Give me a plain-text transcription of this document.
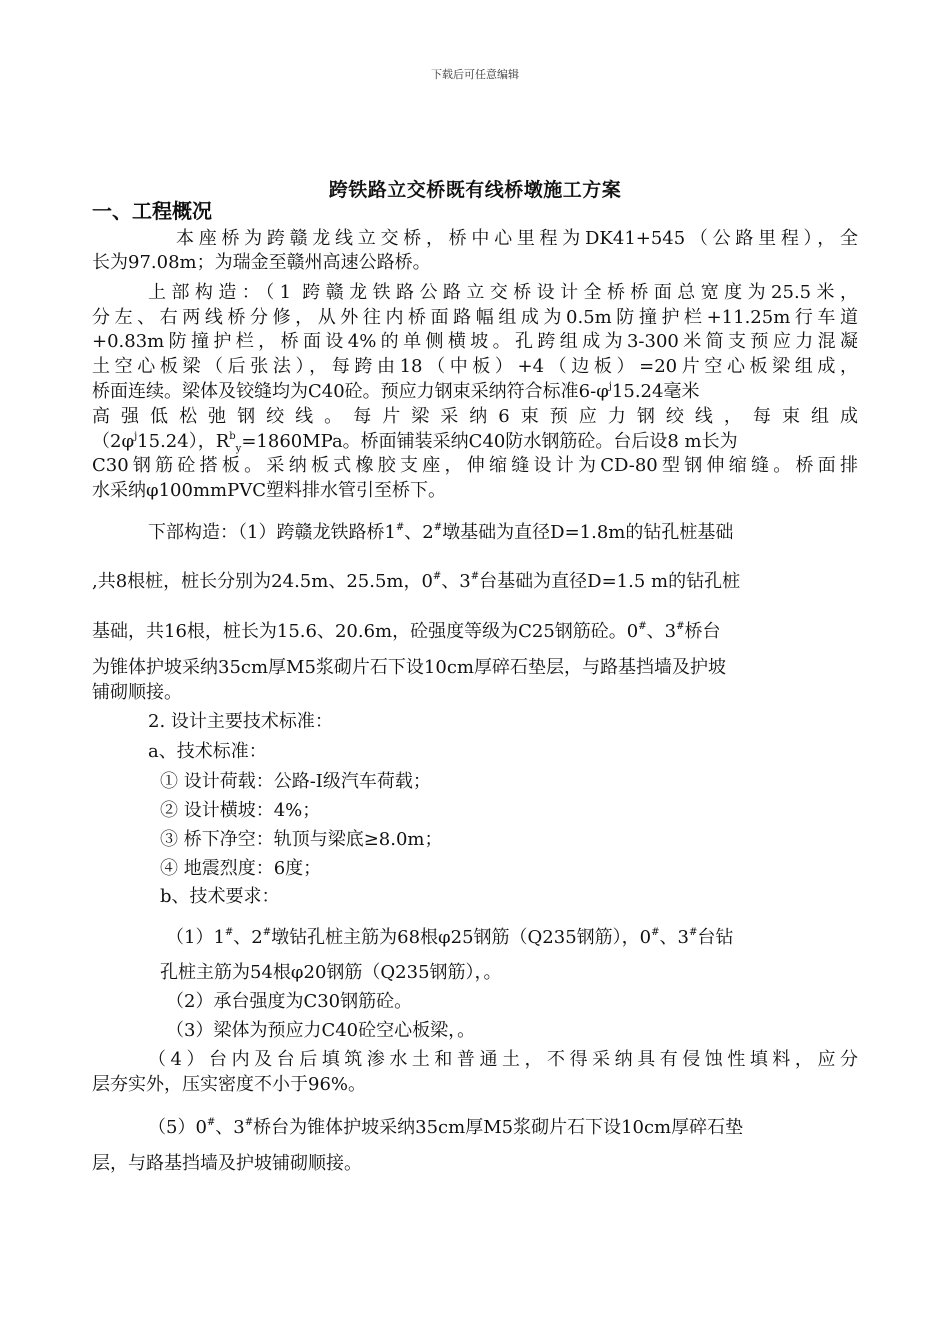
下载后可任意编辑
跨铁路立交桥既有线桥墩施工方案
一、工程概况
本座桥为跨赣龙线立交桥，桥中心里程为DK41+545（公路里程），全
长为97.08m；为瑞金至赣州高速公路桥。
上部构造：（1 跨赣龙铁路公路立交桥设计全桥桥面总宽度为25.5米，
分左、右两线桥分修，从外往内桥面路幅组成为0.5m防撞护栏+11.25m行车道
+0.83m防撞护栏，桥面设4%的单侧横坡。孔跨组成为3-300米简支预应力混凝
土空心板梁（后张法），每跨由18（中板）+4（边板）=20片空心板梁组成，
桥面连续。梁体及铰缝均为C40砼。预应力钢束采纳符合标准$6-\varphi^j15.24$毫米
高强低松弛钢绞线。每片梁采纳6束预应力钢绞线，每束组成
$(2\varphi^j15.24)$，$R^b_y=1860MPa$。桥面铺装采纳C40防水钢筋砼。台后设8 m长为
C30钢筋砼搭板。采纳板式橡胶支座，伸缩缝设计为CD-80型钢伸缩缝。桥面排
水采纳φ100mmPVC塑料排水管引至桥下。
下部构造：（1）跨赣龙铁路桥1#、2#墩基础为直径D=1.8m的钻孔桩基础
,共8根桩，桩长分别为24.5m、25.5m，0#、3#台基础为直径D=1.5 m的钻孔桩
基础，共16根，桩长为15.6、20.6m，砼强度等级为C25钢筋砼。0#、3#桥台
为锥体护坡采纳35cm厚M5浆砌片石下设10cm厚碎石垫层，与路基挡墙及护坡
铺砌顺接。
2. 设计主要技术标准：
a、技术标准：
① 设计荷载：公路-Ⅰ级汽车荷载；
② 设计横坡：4%；
③ 桥下净空：轨顶与梁底≥8.0m；
④ 地震烈度：6度；
b、技术要求：
（1）1#、2#墩钻孔桩主筋为68根φ25钢筋（Q235钢筋），0#、3#台钻
孔桩主筋为54根φ20钢筋（Q235钢筋），。
（2）承台强度为C30钢筋砼。
（3）梁体为预应力C40砼空心板梁，。
（4）台内及台后填筑渗水土和普通土，不得采纳具有侵蚀性填料，应分
层夯实外，压实密度不小于96%。
（5）0#、3#桥台为锥体护坡采纳35cm厚M5浆砌片石下设10cm厚碎石垫
层，与路基挡墙及护坡铺砌顺接。
